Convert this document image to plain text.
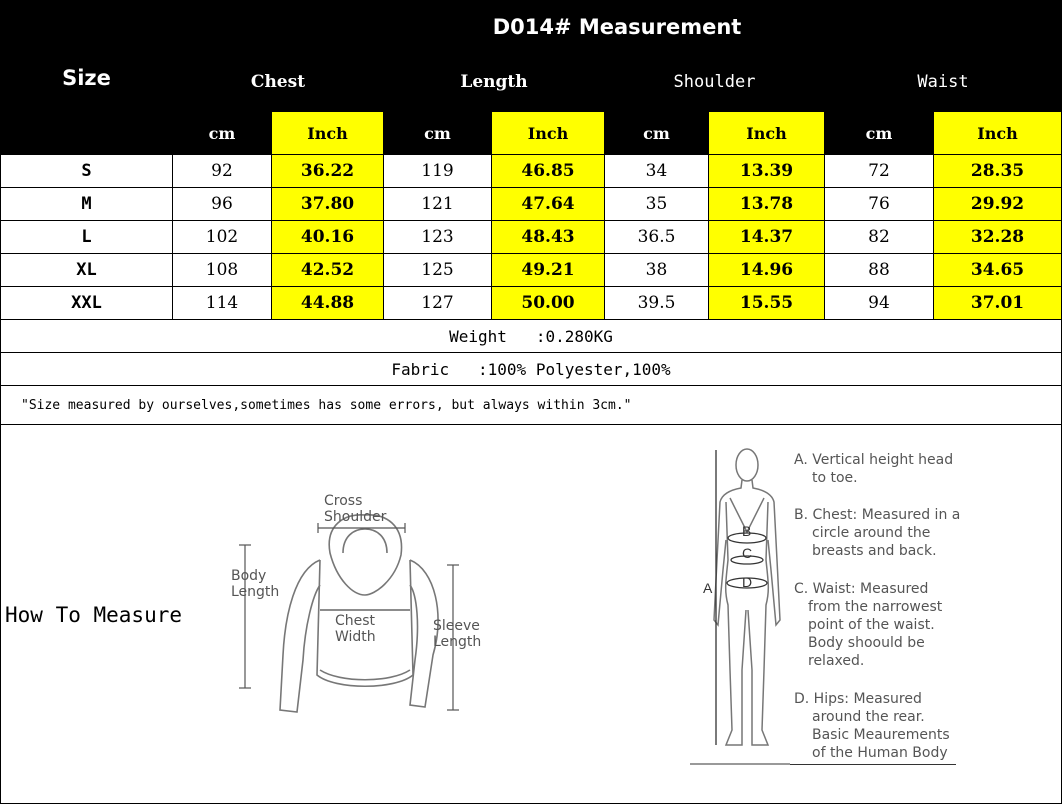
Size	D014# Measurement							
	Chest		Length		Shoulder		Waist	
	cm	Inch	cm	Inch	cm	Inch	cm	Inch
S	92	36.22	119	46.85	34	13.39	72	28.35
M	96	37.80	121	47.64	35	13.78	76	29.92
L	102	40.16	123	48.43	36.5	14.37	82	32.28
XL	108	42.52	125	49.21	38	14.96	88	34.65
XXL	114	44.88	127	50.00	39.5	15.55	94	37.01
Weight   :0.280KG								
Fabric   :100% Polyester,100%								
"Size measured by ourselves,sometimes has some errors, but always within 3cm."								
How To Measure
Cross
Shoulder
Body
Length
Chest
Width
Sleeve
Length
B
C
D
A
A. Vertical height head
to toe.
B. Chest: Measured in a
circle around the
breasts and back.
C. Waist: Measured
from the narrowest
point of the waist.
Body shoould be
relaxed.
D. Hips: Measured
around the rear.
Basic Meaurements
of the Human Body
